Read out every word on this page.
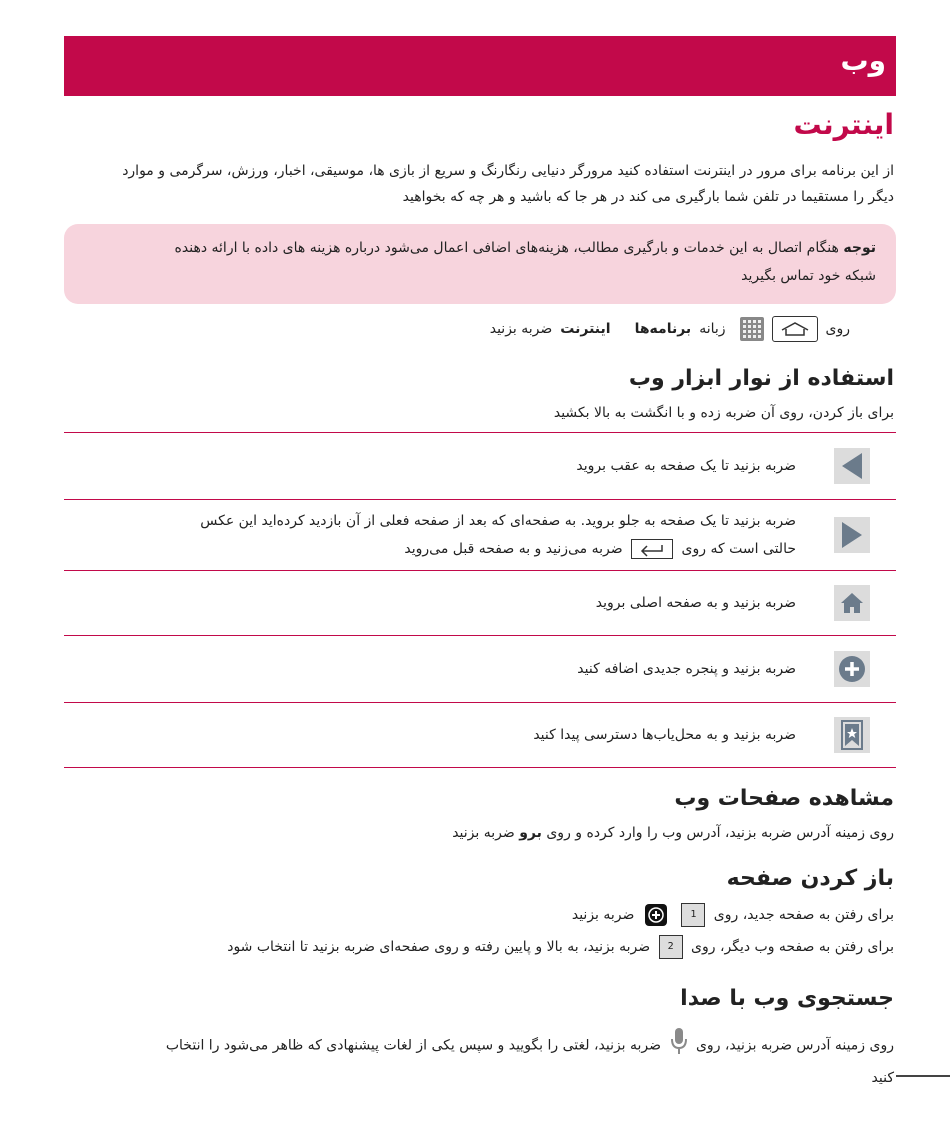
وب
اینترنت
از این برنامه برای مرور در اینترنت استفاده کنید مرورگر دنیایی رنگارنگ و سریع از بازی ها، موسیقی، اخبار، ورزش، سرگرمی و موارد
دیگر را مستقیما در تلفن شما بارگیری می کند در هر جا که باشید و هر چه که بخواهید
توجه هنگام اتصال به این خدمات و بارگیری مطالب، هزینه‌های اضافی اعمال می‌شود درباره هزینه های داده با ارائه دهنده
شبکه خود تماس بگیرید
روی
زبانه
برنامه‌ها
اینترنت
ضربه بزنید
استفاده از نوار ابزار وب
برای باز کردن، روی آن ضربه زده و با انگشت به بالا بکشید
ضربه بزنید تا یک صفحه به عقب بروید
ضربه بزنید تا یک صفحه به جلو بروید. به صفحه‌ای که بعد از صفحه فعلی از آن بازدید کرده‌اید این عکس
حالتی است که روی
ضربه می‌زنید و به صفحه قبل می‌روید
ضربه بزنید و به صفحه اصلی بروید
ضربه بزنید و پنجره جدیدی اضافه کنید
ضربه بزنید و به محل‌یاب‌ها دسترسی پیدا کنید
مشاهده صفحات وب
روی زمینه آدرس ضربه بزنید، آدرس وب را وارد کرده و روی برو ضربه بزنید
باز کردن صفحه
برای رفتن به صفحه جدید، روی 1
ضربه بزنید
برای رفتن به صفحه وب دیگر، روی 2 ضربه بزنید، به بالا و پایین رفته و روی صفحه‌ای ضربه بزنید تا انتخاب شود
جستجوی وب با صدا
روی زمینه آدرس ضربه بزنید، روی  ضربه بزنید، لغتی را بگویید و سپس یکی از لغات پیشنهادی که ظاهر می‌شود را انتخاب
کنید
